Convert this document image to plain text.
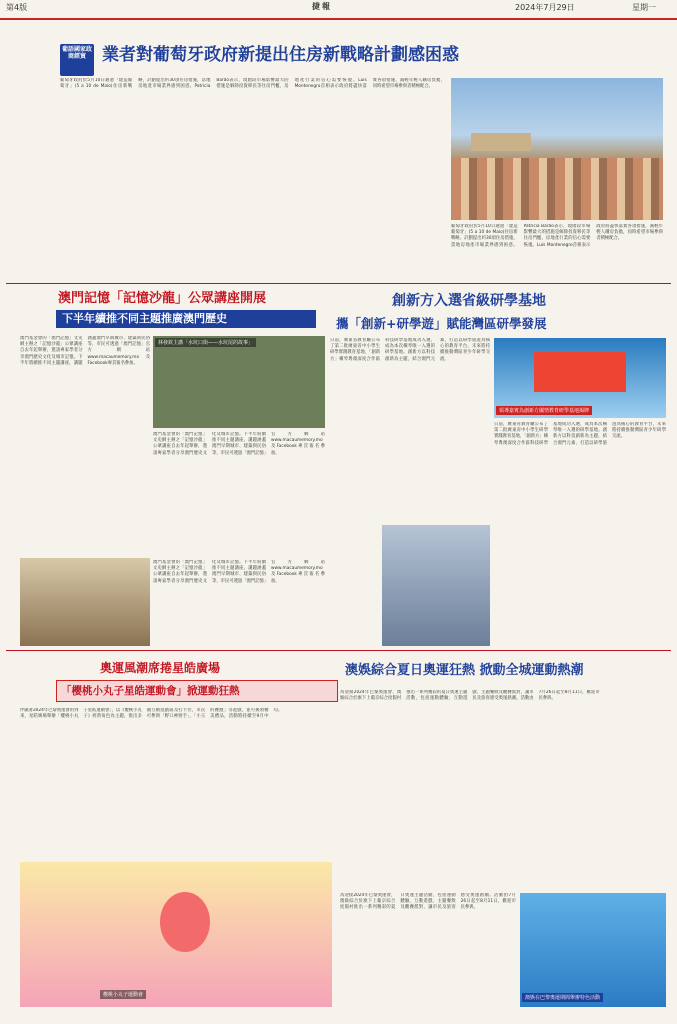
第4版	捷報	2024年7月29日	星期一
葡語國家政商經貿 業者對葡萄牙政府新提出住房新戰略計劃感困惑
葡萄牙政府於5月10日通過「建造葡萄牙」(5 a 10 de Maio)住房新戰略，計劃提出約30項住房措施，當地房地產市場業界感到困惑。Patrícia Barão表示，現階段市場影響最大的措施是解除投資移民等住房門檻，房地產行業的信心需要恢復。Luís Montenegro首相表示政府將盡快落實各項措施，減輕年輕人購房負擔，同時希望市場參與者積極配合。
葡萄牙政府於5月10日通過「建造葡萄牙」(5 a 10 de Maio)住房新戰略，計劃提出約30項住房措施，當地房地產市場業界感到困惑。Patrícia Barão表示，現階段市場影響最大的措施是解除投資移民等住房門檻，房地產行業的信心需要恢復。Luís Montenegro首相表示政府將盡快落實各項措施，減輕年輕人購房負擔，同時希望市場參與者積極配合。
澳門記憶「記憶沙龍」公眾講座開展
下半年續推不同主題推廣澳門歷史
澳門基金會的「澳門記憶」文史網主辦之「記憶沙龍」公眾講座自去年起舉辦，邀請專家學者分享澳門歷史文化及城市記憶。下半年將續推不同主題講座，講題涵蓋澳門早期城市、建築與民俗等，市民可透過「澳門記憶」官方網站 www.macaumemory.mo 及Facebook專頁報名參加。
林發欽主講「水坑口街——水坑尾的故事」
澳門基金會的「澳門記憶」文史網主辦之「記憶沙龍」公眾講座自去年起舉辦，邀請專家學者分享澳門歷史文化及城市記憶。下半年將續推不同主題講座，講題涵蓋澳門早期城市、建築與民俗等，市民可透過「澳門記憶」官方網站 www.macaumemory.mo 及Facebook專頁報名參加。
澳門基金會的「澳門記憶」文史網主辦之「記憶沙龍」公眾講座自去年起舉辦，邀請專家學者分享澳門歷史文化及城市記憶。下半年將續推不同主題講座，講題涵蓋澳門早期城市、建築與民俗等，市民可透過「澳門記憶」官方網站 www.macaumemory.mo 及Facebook專頁報名參加。
創新方入選省級研學基地
攜「創新+研學遊」賦能灣區研學發展
日前，廣東省教育廳公布了第二批廣東省中小學生研學實踐教育基地，「創新方」橫琴粵澳深度合作區科技研學基地成功入選，成為本次橫琴唯一入選的研學基地。創新方以科技創新為主題，結合澳門元素，打造以研學旅遊為核心的教育平台，未來將持續推動灣區青少年研學交流。
領導嘉賓為創新方國情教育研學基地揭牌
日前，廣東省教育廳公布了第二批廣東省中小學生研學實踐教育基地，「創新方」橫琴粵澳深度合作區科技研學基地成功入選，成為本次橫琴唯一入選的研學基地。創新方以科技創新為主題，結合澳門元素，打造以研學旅遊為核心的教育平台，未來將持續推動灣區青少年研學交流。
奧運風潮席捲星皓廣場
「櫻桃小丸子星皓運動會」掀運動狂熱
伴隨著2024年巴黎奧運會的到來，星皓廣場舉辦「櫻桃小丸子星皓運動會」，以《櫻桃小丸子》經典角色為主題，推出多個互動遊戲區及打卡位，市民可參與「野口神射手」、「小玉的賽跑」等遊戲，並可換領精美禮品，活動將持續至9月中旬。
櫻桃小丸子運動會
澳娛綜合夏日奧運狂熱 掀動全城運動熱潮
為迎接2024年巴黎奧運會，澳娛綜合於旗下上葡京綜合度假村推出一系列精彩的夏日奧運主題活動，包括運動體驗、互動遊戲、主題餐飲及觀賽派對，讓市民及旅客感受奧運熱潮。活動由7月26日起至8月11日，歡迎市民參與。
澳娛在巴黎奧運期間舉辦特色活動
為迎接2024年巴黎奧運會，澳娛綜合於旗下上葡京綜合度假村推出一系列精彩的夏日奧運主題活動，包括運動體驗、互動遊戲、主題餐飲及觀賽派對，讓市民及旅客感受奧運熱潮。活動由7月26日起至8月11日，歡迎市民參與。
